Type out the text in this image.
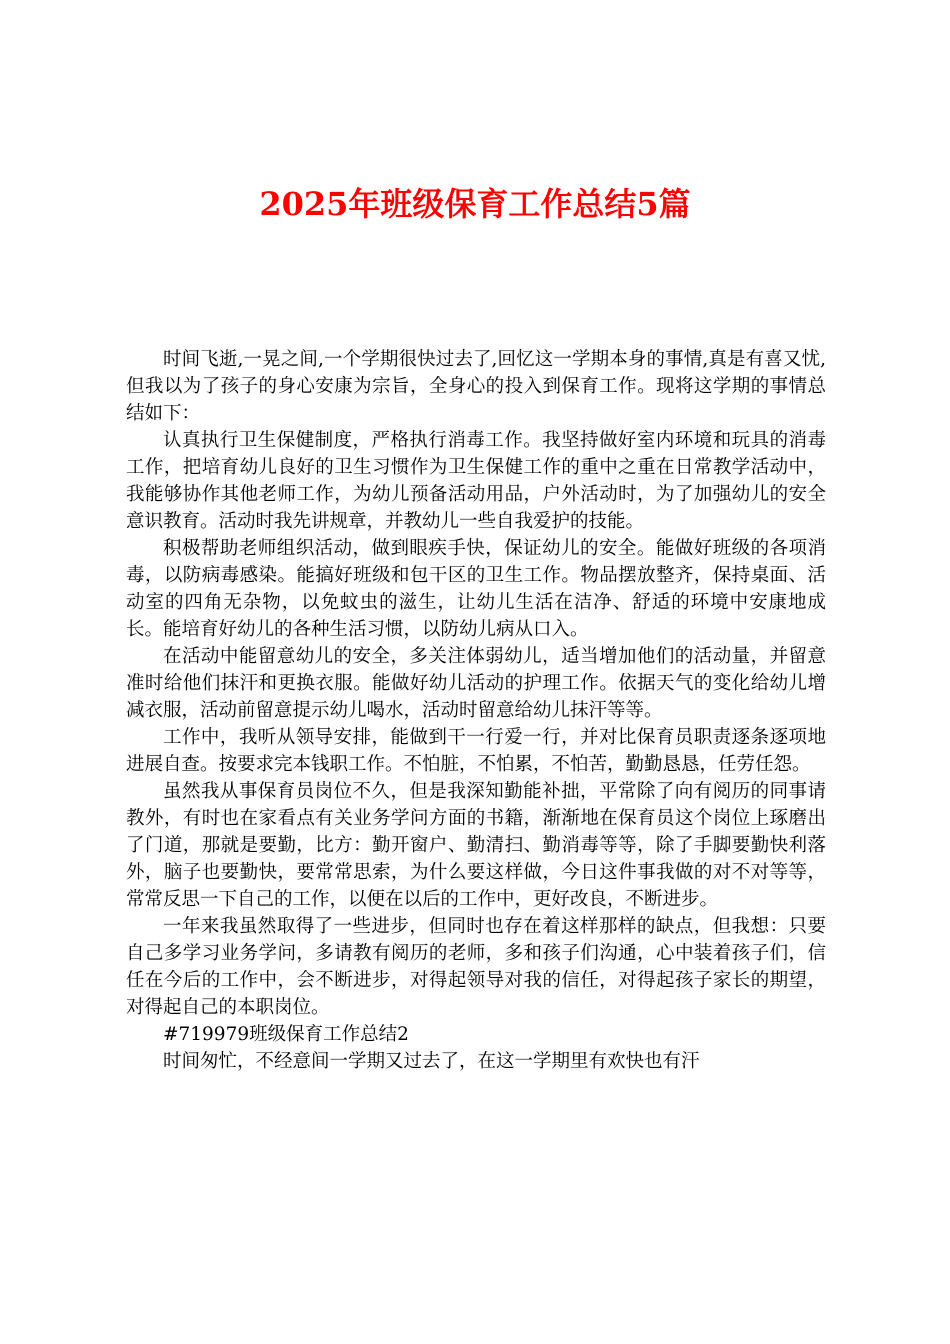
2025年班级保育工作总结5篇

时间飞逝,一晃之间,一个学期很快过去了,回忆这一学期本身的事情,真是有喜又忧,但我以为了孩子的身心安康为宗旨，全身心的投入到保育工作。现将这学期的事情总结如下：

认真执行卫生保健制度，严格执行消毒工作。我坚持做好室内环境和玩具的消毒工作，把培育幼儿良好的卫生习惯作为卫生保健工作的重中之重在日常教学活动中，我能够协作其他老师工作，为幼儿预备活动用品，户外活动时，为了加强幼儿的安全意识教育。活动时我先讲规章，并教幼儿一些自我爱护的技能。

积极帮助老师组织活动，做到眼疾手快，保证幼儿的安全。能做好班级的各项消毒，以防病毒感染。能搞好班级和包干区的卫生工作。物品摆放整齐，保持桌面、活动室的四角无杂物，以免蚊虫的滋生，让幼儿生活在洁净、舒适的环境中安康地成长。能培育好幼儿的各种生活习惯，以防幼儿病从口入。

在活动中能留意幼儿的安全，多关注体弱幼儿，适当增加他们的活动量，并留意准时给他们抹汗和更换衣服。能做好幼儿活动的护理工作。依据天气的变化给幼儿增减衣服，活动前留意提示幼儿喝水，活动时留意给幼儿抹汗等等。

工作中，我听从领导安排，能做到干一行爱一行，并对比保育员职责逐条逐项地进展自查。按要求完本钱职工作。不怕脏，不怕累，不怕苦，勤勤恳恳，任劳任怨。

虽然我从事保育员岗位不久，但是我深知勤能补拙，平常除了向有阅历的同事请教外，有时也在家看点有关业务学问方面的书籍，渐渐地在保育员这个岗位上琢磨出了门道，那就是要勤，比方：勤开窗户、勤清扫、勤消毒等等，除了手脚要勤快利落外，脑子也要勤快，要常常思索，为什么要这样做，今日这件事我做的对不对等等，常常反思一下自己的工作，以便在以后的工作中，更好改良，不断进步。

一年来我虽然取得了一些进步，但同时也存在着这样那样的缺点，但我想：只要自己多学习业务学问，多请教有阅历的老师，多和孩子们沟通，心中装着孩子们，信任在今后的工作中，会不断进步，对得起领导对我的信任，对得起孩子家长的期望，对得起自己的本职岗位。

#719979班级保育工作总结2

时间匆忙，不经意间一学期又过去了，在这一学期里有欢快也有汗
